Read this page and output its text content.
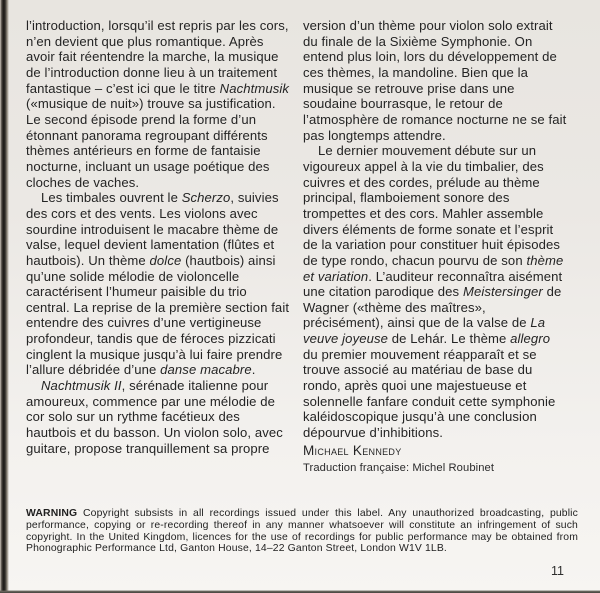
l’introduction, lorsqu’il est repris par les cors, n’en devient que plus romantique. Après avoir fait réentendre la marche, la musique de l’introduction donne lieu à un traitement fantastique – c’est ici que le titre Nachtmusik («musique de nuit») trouve sa justification. Le second épisode prend la forme d’un étonnant panorama regroupant différents thèmes antérieurs en forme de fantaisie nocturne, incluant un usage poétique des cloches de vaches.

Les timbales ouvrent le Scherzo, suivies des cors et des vents. Les violons avec sourdine introduisent le macabre thème de valse, lequel devient lamentation (flûtes et hautbois). Un thème dolce (hautbois) ainsi qu’une solide mélodie de violoncelle caractérisent l’humeur paisible du trio central. La reprise de la première section fait entendre des cuivres d’une vertigineuse profondeur, tandis que de féroces pizzicati cinglent la musique jusqu’à lui faire prendre l’allure débridée d’une danse macabre.

Nachtmusik II, sérénade italienne pour amoureux, commence par une mélodie de cor solo sur un rythme facétieux des hautbois et du basson. Un violon solo, avec guitare, propose tranquillement sa propre

version d’un thème pour violon solo extrait du finale de la Sixième Symphonie. On entend plus loin, lors du développement de ces thèmes, la mandoline. Bien que la musique se retrouve prise dans une soudaine bourrasque, le retour de l’atmosphère de romance nocturne ne se fait pas longtemps attendre.

Le dernier mouvement débute sur un vigoureux appel à la vie du timbalier, des cuivres et des cordes, prélude au thème principal, flamboiement sonore des trompettes et des cors. Mahler assemble divers éléments de forme sonate et l’esprit de la variation pour constituer huit épisodes de type rondo, chacun pourvu de son thème et variation. L’auditeur reconnaîtra aisément une citation parodique des Meistersinger de Wagner («thème des maîtres», précisément), ainsi que de la valse de La veuve joyeuse de Lehár. Le thème allegro du premier mouvement réapparaît et se trouve associé au matériau de base du rondo, après quoi une majestueuse et solennelle fanfare conduit cette symphonie kaléidoscopique jusqu’à une conclusion dépourvue d’inhibitions.

Michael Kennedy
Traduction française: Michel Roubinet

WARNING Copyright subsists in all recordings issued under this label. Any unauthorized broadcasting, public performance, copying or re-recording thereof in any manner whatsoever will constitute an infringement of such copyright. In the United Kingdom, licences for the use of recordings for public performance may be obtained from Phonographic Performance Ltd, Ganton House, 14–22 Ganton Street, London W1V 1LB.

11
